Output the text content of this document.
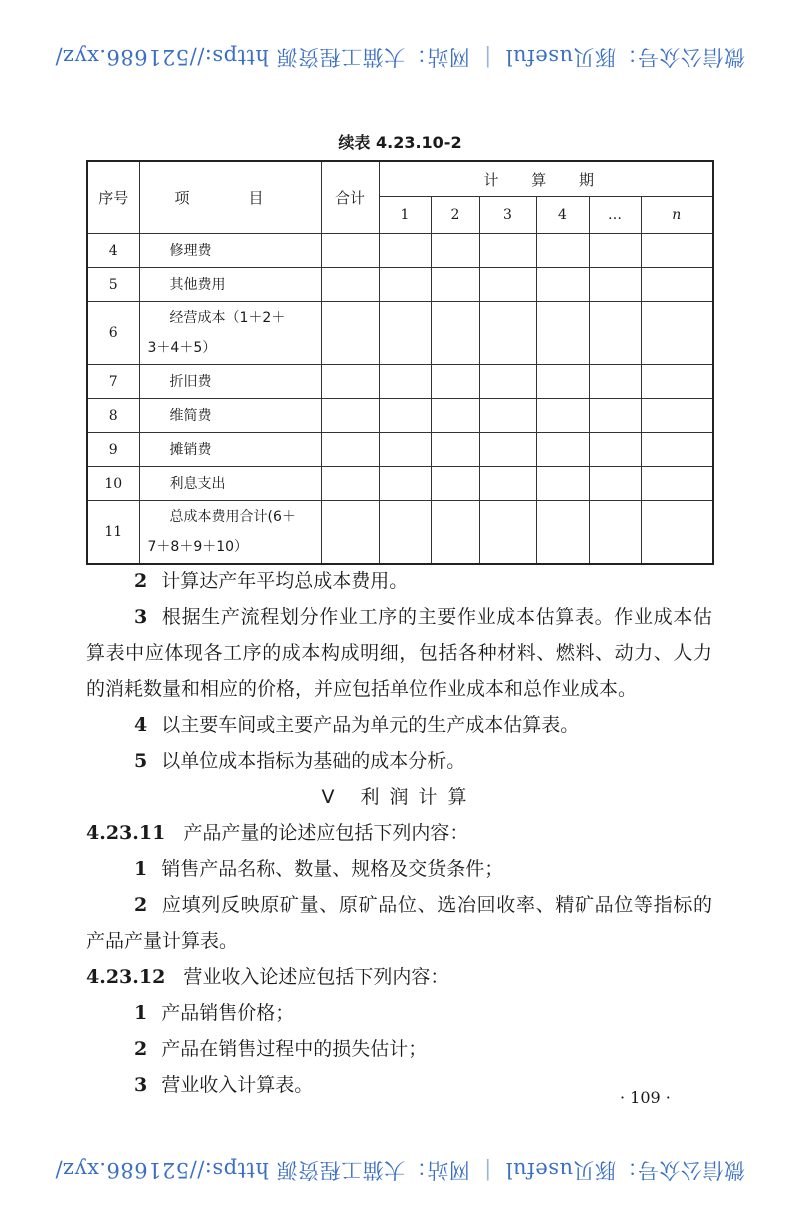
微信公众号：豚贝useful
|
网站：大猫工程资源 https://521686.xyz/
续表 4.23.10-2
序号	项　目	合计	计 算 期					
			1	2	3	4	…	n
4	修理费							
5	其他费用							
6	经营成本（1＋2＋
3＋4＋5）							
7	折旧费							
8	维简费							
9	摊销费							
10	利息支出							
11	总成本费用合计(6＋
7＋8＋9＋10）							

2 计算达产年平均总成本费用。

3 根据生产流程划分作业工序的主要作业成本估算表。作业成本估算表中应体现各工序的成本构成明细，包括各种材料、燃料、动力、人力的消耗数量和相应的价格，并应包括单位作业成本和总作业成本。

4 以主要车间或主要产品为单元的生产成本估算表。

5 以单位成本指标为基础的成本分析。

Ⅴ 利润计算

4.23.11 产品产量的论述应包括下列内容：

1 销售产品名称、数量、规格及交货条件；

2 应填列反映原矿量、原矿品位、选冶回收率、精矿品位等指标的产品产量计算表。

4.23.12 营业收入论述应包括下列内容：

1 产品销售价格；

2 产品在销售过程中的损失估计；

3 营业收入计算表。

· 109 ·
微信公众号：豚贝useful
|
网站：大猫工程资源 https://521686.xyz/
